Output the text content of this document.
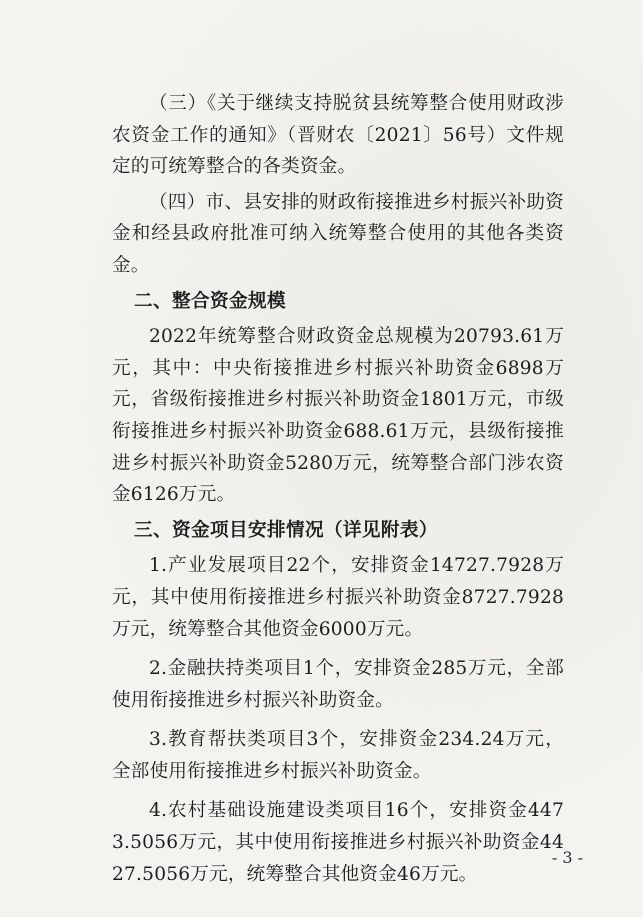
（三）《关于继续支持脱贫县统筹整合使用财政涉农资金工作的通知》（晋财农〔2021〕56号）文件规定的可统筹整合的各类资金。

（四）市、县安排的财政衔接推进乡村振兴补助资金和经县政府批准可纳入统筹整合使用的其他各类资金。

二、整合资金规模

2022年统筹整合财政资金总规模为20793.61万元，其中：中央衔接推进乡村振兴补助资金6898万元，省级衔接推进乡村振兴补助资金1801万元，市级衔接推进乡村振兴补助资金688.61万元，县级衔接推进乡村振兴补助资金5280万元，统筹整合部门涉农资金6126万元。

三、资金项目安排情况（详见附表）

1.产业发展项目22个，安排资金14727.7928万元，其中使用衔接推进乡村振兴补助资金8727.7928万元，统筹整合其他资金6000万元。

2.金融扶持类项目1个，安排资金285万元，全部使用衔接推进乡村振兴补助资金。

3.教育帮扶类项目3个，安排资金234.24万元，全部使用衔接推进乡村振兴补助资金。

4.农村基础设施建设类项目16个，安排资金4473.5056万元，其中使用衔接推进乡村振兴补助资金4427.5056万元，统筹整合其他资金46万元。

- 3 -
